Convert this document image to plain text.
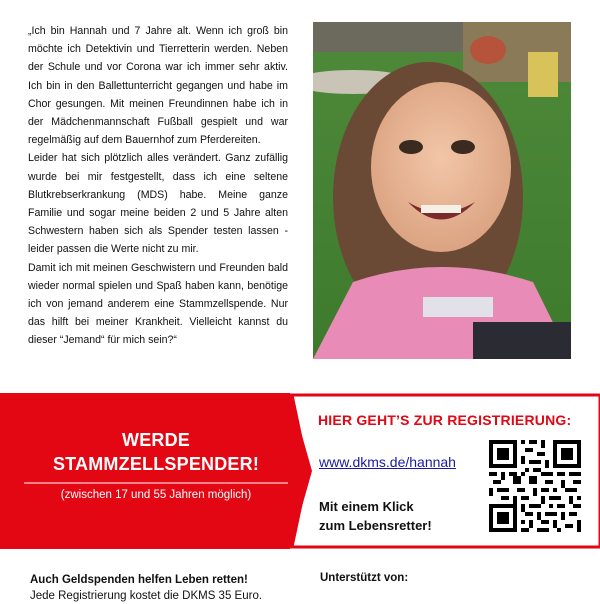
„Ich bin Hannah und 7 Jahre alt. Wenn ich groß bin möchte ich Detektivin und Tierretterin werden. Neben der Schule und vor Corona war ich immer sehr aktiv. Ich bin in den Ballettunterricht gegangen und habe im Chor gesungen. Mit meinen Freundinnen habe ich in der Mädchenmannschaft Fußball gespielt und war regelmäßig auf dem Bauernhof zum Pferdereiten.

Leider hat sich plötzlich alles verändert. Ganz zufällig wurde bei mir festgestellt, dass ich eine seltene Blutkrebserkrankung (MDS) habe. Meine ganze Familie und sogar meine beiden 2 und 5 Jahre alten Schwestern haben sich als Spender testen lassen - leider passen die Werte nicht zu mir.

Damit ich mit meinen Geschwistern und Freunden bald wieder normal spielen und Spaß haben kann, benötige ich von jemand anderem eine Stammzellspende. Nur das hilft bei meiner Krankheit. Vielleicht kannst du dieser “Jemand“ für mich sein?“

WERDE
STAMMZELLSPENDER!
(zwischen 17 und 55 Jahren möglich)
HIER GEHT’S ZUR REGISTRIERUNG:
www.dkms.de/hannah
Mit einem Klick
zum Lebensretter!
Auch Geldspenden helfen Leben retten!
Jede Registrierung kostet die DKMS 35 Euro.
Unterstützt von:
